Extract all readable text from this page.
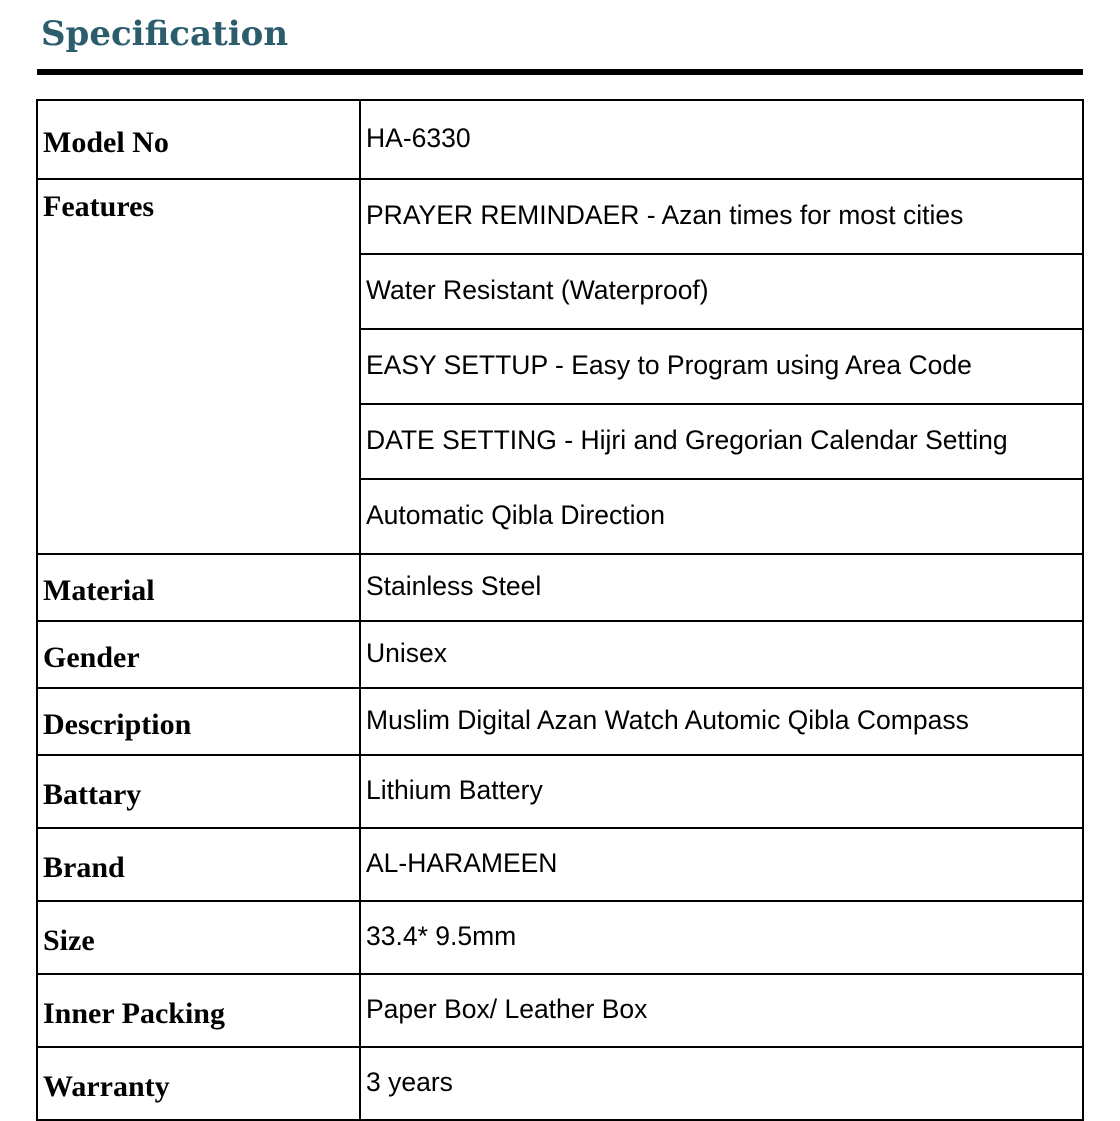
Specification
Model No	HA-6330
Features	PRAYER REMINDAER - Azan times for most cities
	Water Resistant (Waterproof)
	EASY SETTUP - Easy to Program using Area Code
	DATE SETTING - Hijri and Gregorian Calendar Setting
	Automatic Qibla Direction
Material	Stainless Steel
Gender	Unisex
Description	Muslim Digital Azan Watch Automic Qibla Compass
Battary	Lithium Battery
Brand	AL-HARAMEEN
Size	33.4* 9.5mm
Inner Packing	Paper Box/ Leather Box
Warranty	3 years
